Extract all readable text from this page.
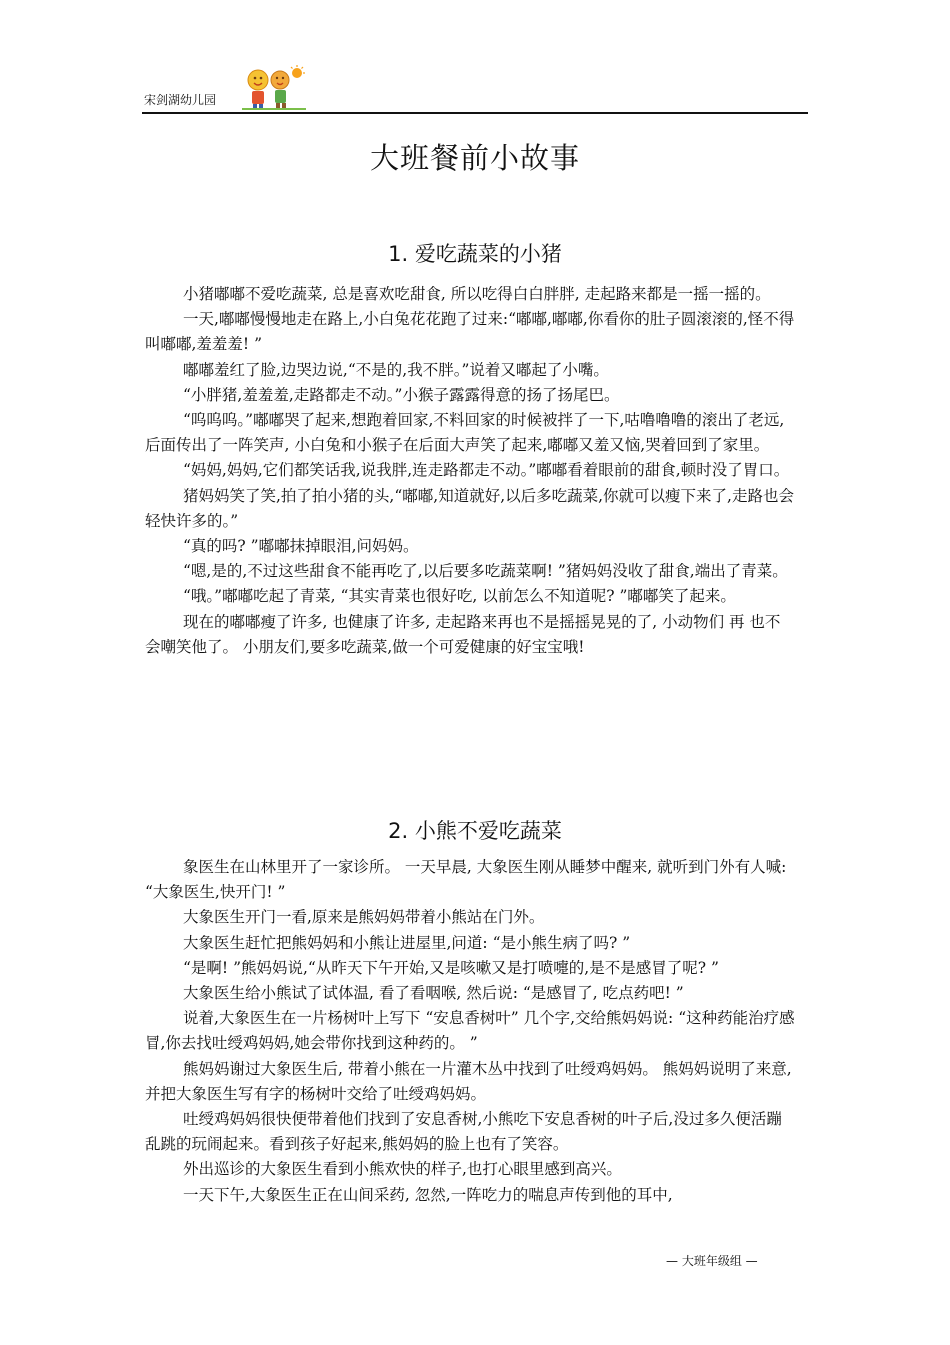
宋剑湖幼儿园
大班餐前小故事
1. 爱吃蔬菜的小猪

小猪嘟嘟不爱吃蔬菜, 总是喜欢吃甜食, 所以吃得白白胖胖, 走起路来都是一摇一摇的。

一天,嘟嘟慢慢地走在路上,小白兔花花跑了过来:“嘟嘟,嘟嘟,你看你的肚子圆滚滚的,怪不得叫嘟嘟,羞羞羞! ”

嘟嘟羞红了脸,边哭边说,“不是的,我不胖。”说着又嘟起了小嘴。

“小胖猪,羞羞羞,走路都走不动。”小猴子露露得意的扬了扬尾巴。

“呜呜呜。”嘟嘟哭了起来,想跑着回家,不料回家的时候被拌了一下,咕噜噜噜的滚出了老远, 后面传出了一阵笑声, 小白兔和小猴子在后面大声笑了起来,嘟嘟又羞又恼,哭着回到了家里。

“妈妈,妈妈,它们都笑话我,说我胖,连走路都走不动。”嘟嘟看着眼前的甜食,顿时没了胃口。

猪妈妈笑了笑,拍了拍小猪的头,“嘟嘟,知道就好,以后多吃蔬菜,你就可以瘦下来了,走路也会轻快许多的。”

“真的吗? ”嘟嘟抹掉眼泪,问妈妈。

“嗯,是的,不过这些甜食不能再吃了,以后要多吃蔬菜啊! ”猪妈妈没收了甜食,端出了青菜。

“哦。”嘟嘟吃起了青菜, “其实青菜也很好吃, 以前怎么不知道呢? ”嘟嘟笑了起来。

现在的嘟嘟瘦了许多, 也健康了许多, 走起路来再也不是摇摇晃晃的了, 小动物们 再 也不会嘲笑他了。 小朋友们,要多吃蔬菜,做一个可爱健康的好宝宝哦!

2. 小熊不爱吃蔬菜

象医生在山林里开了一家诊所。 一天早晨, 大象医生刚从睡梦中醒来, 就听到门外有人喊: “大象医生,快开门! ”

大象医生开门一看,原来是熊妈妈带着小熊站在门外。

大象医生赶忙把熊妈妈和小熊让进屋里,问道: “是小熊生病了吗? ”

“是啊! ”熊妈妈说,“从昨天下午开始,又是咳嗽又是打喷嚏的,是不是感冒了呢? ”

大象医生给小熊试了试体温, 看了看咽喉, 然后说: “是感冒了, 吃点药吧! ”

说着,大象医生在一片杨树叶上写下 “安息香树叶” 几个字,交给熊妈妈说: “这种药能治疗感冒,你去找吐绶鸡妈妈,她会带你找到这种药的。 ”

熊妈妈谢过大象医生后, 带着小熊在一片灌木丛中找到了吐绶鸡妈妈。 熊妈妈说明了来意,并把大象医生写有字的杨树叶交给了吐绶鸡妈妈。

吐绶鸡妈妈很快便带着他们找到了安息香树,小熊吃下安息香树的叶子后,没过多久便活蹦乱跳的玩闹起来。看到孩子好起来,熊妈妈的脸上也有了笑容。

外出巡诊的大象医生看到小熊欢快的样子,也打心眼里感到高兴。

一天下午,大象医生正在山间采药, 忽然,一阵吃力的喘息声传到他的耳中,

— 大班年级组 —
